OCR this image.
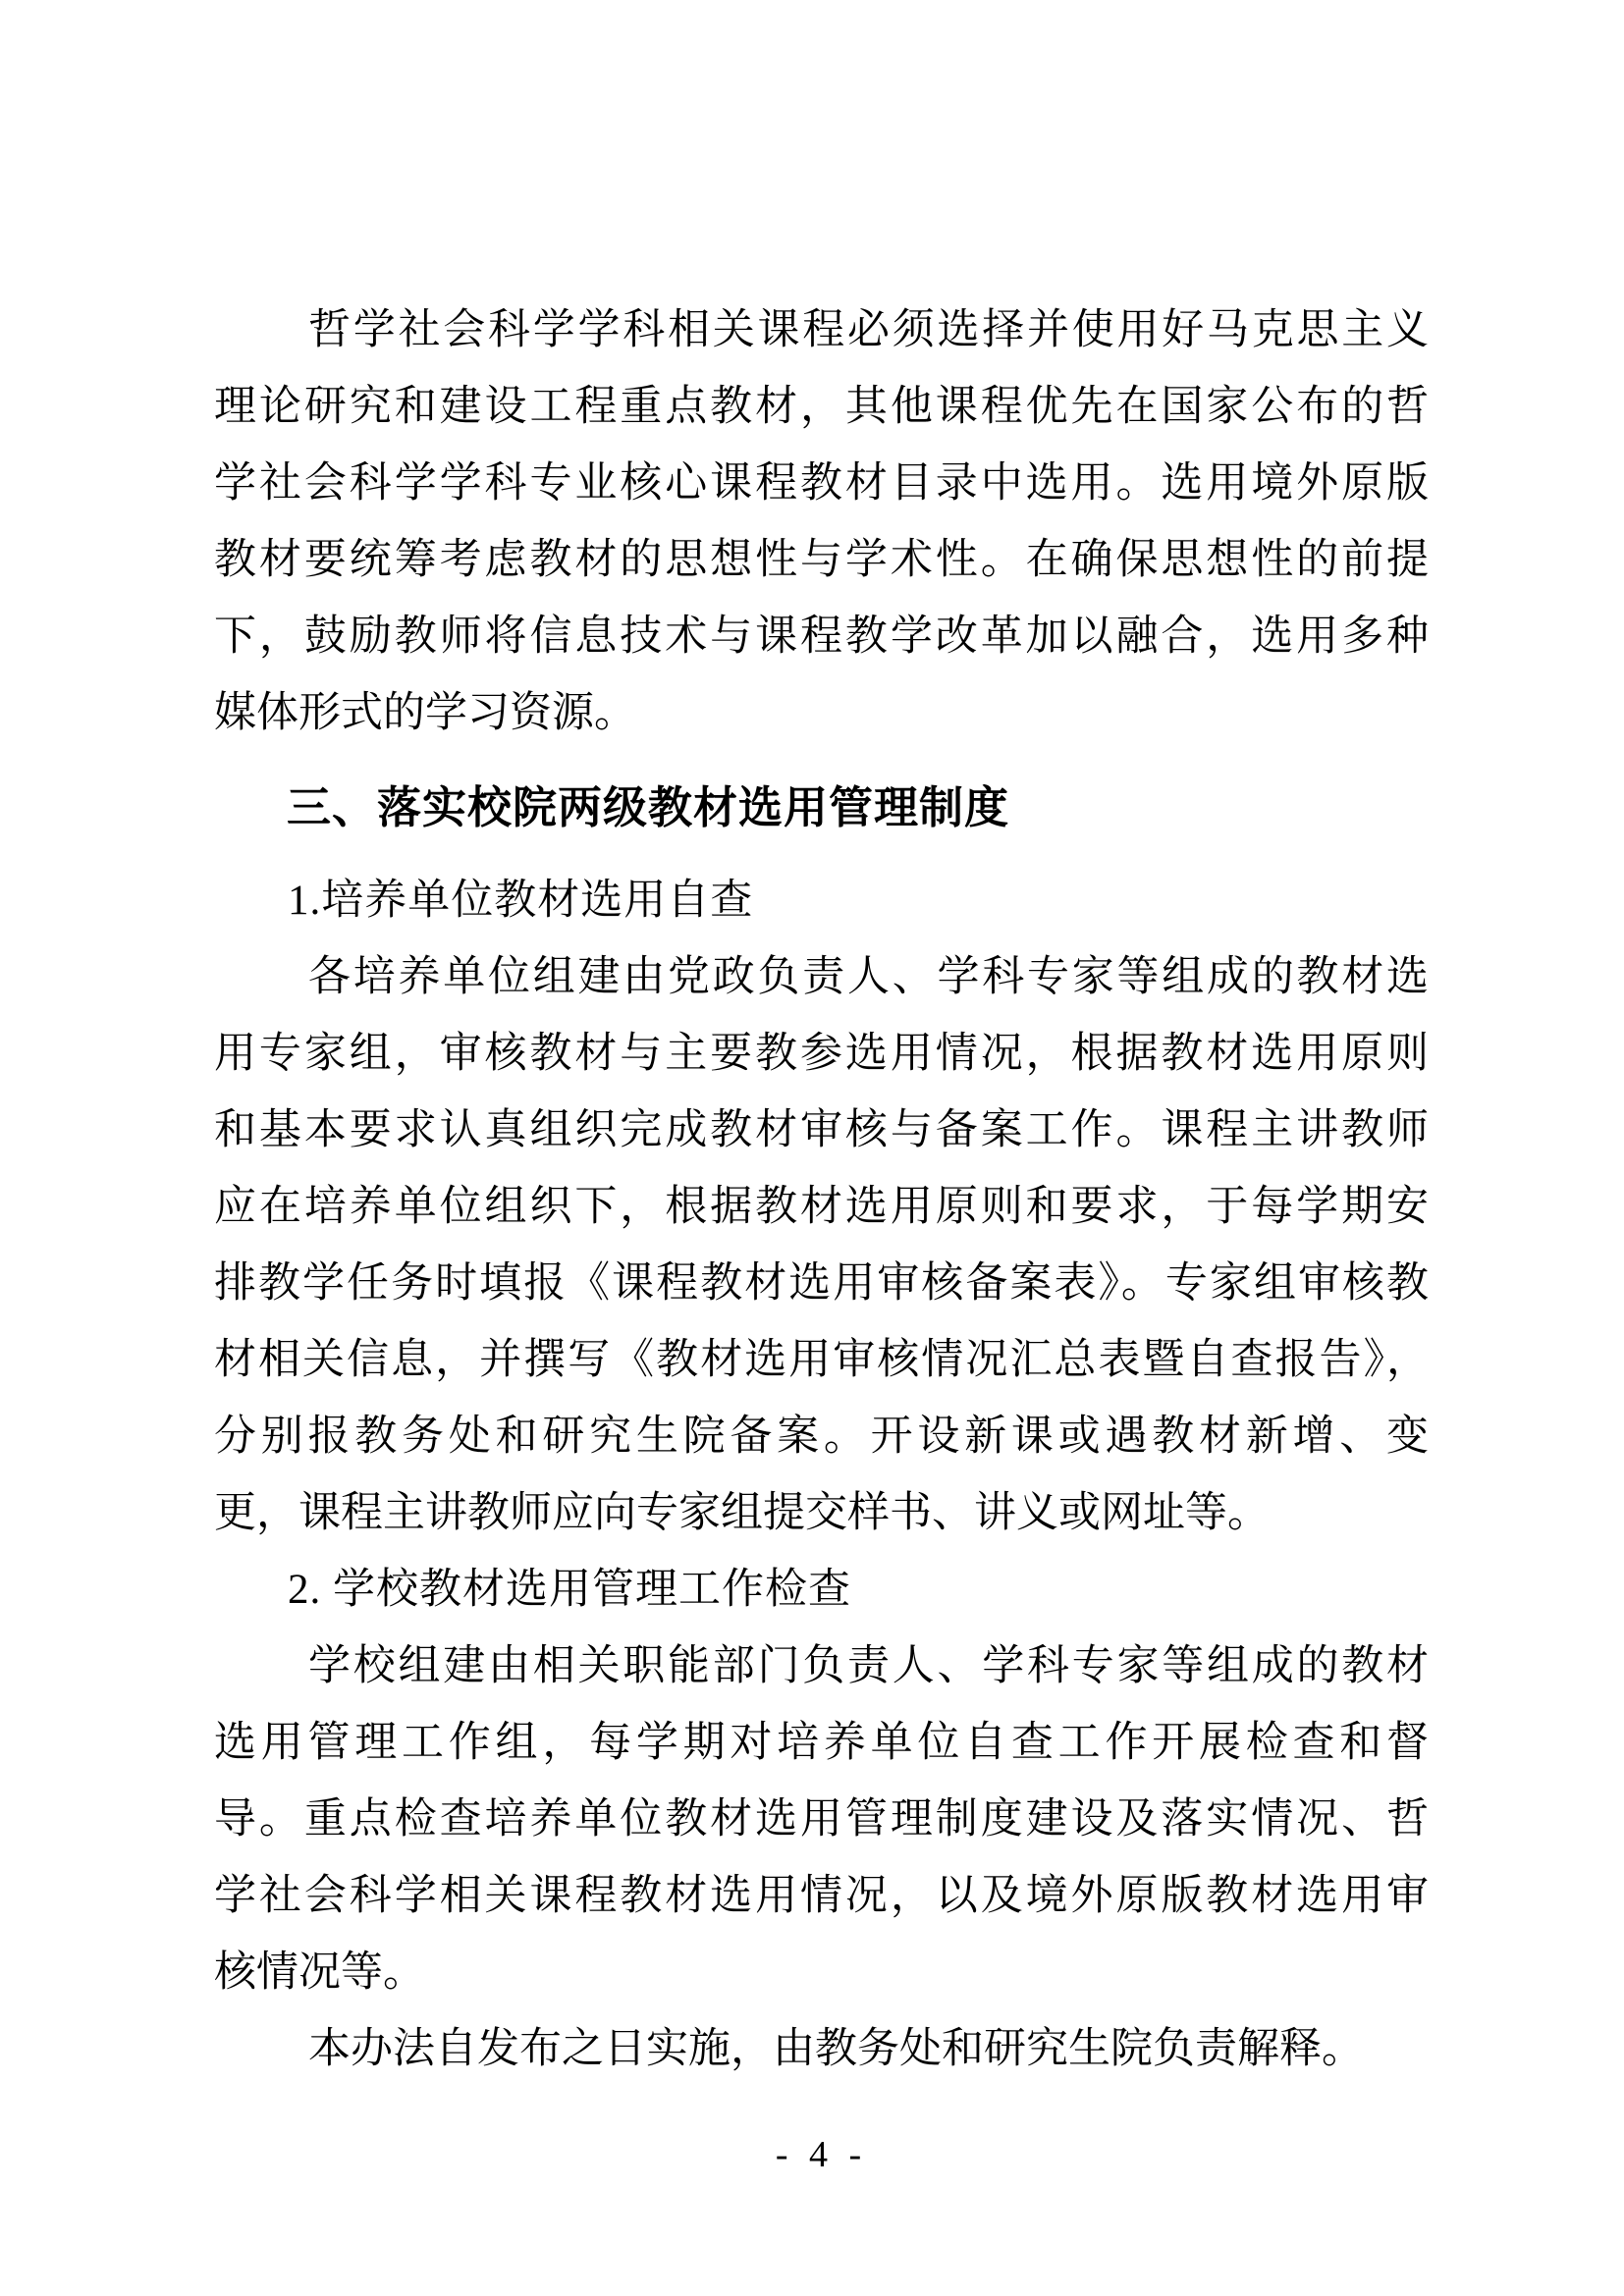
哲学社会科学学科相关课程必须选择并使用好马克思主义
理论研究和建设工程重点教材，其他课程优先在国家公布的哲
学社会科学学科专业核心课程教材目录中选用。选用境外原版
教材要统筹考虑教材的思想性与学术性。在确保思想性的前提
下，鼓励教师将信息技术与课程教学改革加以融合，选用多种
媒体形式的学习资源。
三、落实校院两级教材选用管理制度
1.培养单位教材选用自查
各培养单位组建由党政负责人、学科专家等组成的教材选
用专家组，审核教材与主要教参选用情况，根据教材选用原则
和基本要求认真组织完成教材审核与备案工作。课程主讲教师
应在培养单位组织下，根据教材选用原则和要求，于每学期安
排教学任务时填报《课程教材选用审核备案表》。专家组审核教
材相关信息，并撰写《教材选用审核情况汇总表暨自查报告》，
分别报教务处和研究生院备案。开设新课或遇教材新增、变
更，课程主讲教师应向专家组提交样书、讲义或网址等。
2. 学校教材选用管理工作检查
学校组建由相关职能部门负责人、学科专家等组成的教材
选用管理工作组，每学期对培养单位自查工作开展检查和督
导。重点检查培养单位教材选用管理制度建设及落实情况、哲
学社会科学相关课程教材选用情况，以及境外原版教材选用审
核情况等。
本办法自发布之日实施，由教务处和研究生院负责解释。
- 4 -
